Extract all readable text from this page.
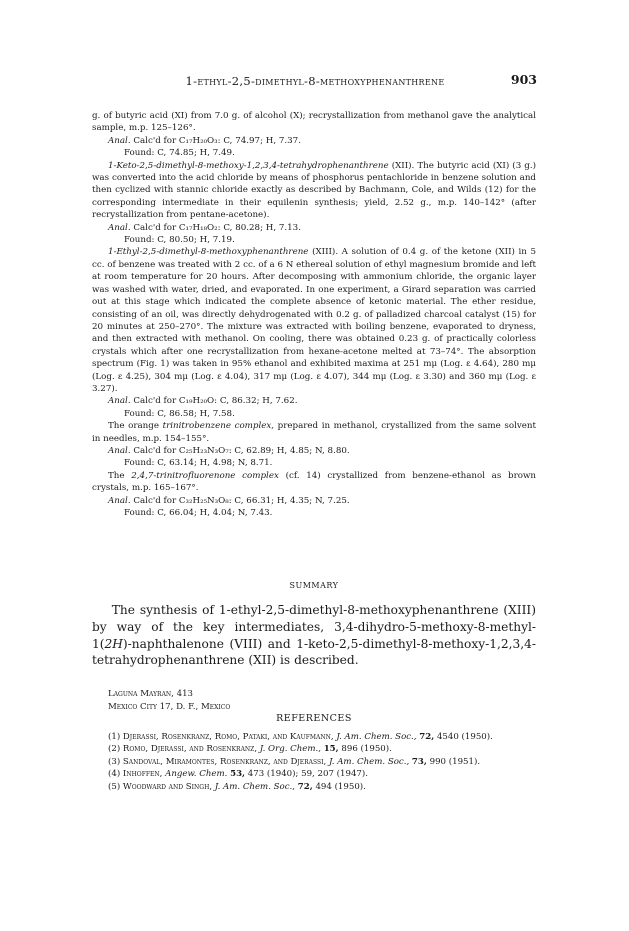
1-ethyl-2,5-dimethyl-8-methoxyphenanthrene	903

g. of butyric acid (XI) from 7.0 g. of alcohol (X); recrystallization from methanol gave the analytical sample, m.p. 125–126°.

Anal. Calc'd for C₁₇H₂₀O₃: C, 74.97; H, 7.37.

Found: C, 74.85; H, 7.49.

1-Keto-2,5-dimethyl-8-methoxy-1,2,3,4-tetrahydrophenanthrene (XII). The butyric acid (XI) (3 g.) was converted into the acid chloride by means of phosphorus pentachloride in benzene solution and then cyclized with stannic chloride exactly as described by Bachmann, Cole, and Wilds (12) for the corresponding intermediate in their equilenin synthesis; yield, 2.52 g., m.p. 140–142° (after recrystallization from pentane-acetone).

Anal. Calc'd for C₁₇H₁₈O₂: C, 80.28; H, 7.13.

Found: C, 80.50; H, 7.19.

1-Ethyl-2,5-dimethyl-8-methoxyphenanthrene (XIII). A solution of 0.4 g. of the ketone (XII) in 5 cc. of benzene was treated with 2 cc. of a 6 N ethereal solution of ethyl magnesium bromide and left at room temperature for 20 hours. After decomposing with ammonium chloride, the organic layer was washed with water, dried, and evaporated. In one experiment, a Girard separation was carried out at this stage which indicated the complete absence of ketonic material. The ether residue, consisting of an oil, was directly dehydrogenated with 0.2 g. of palladized charcoal catalyst (15) for 20 minutes at 250–270°. The mixture was extracted with boiling benzene, evaporated to dryness, and then extracted with methanol. On cooling, there was obtained 0.23 g. of practically colorless crystals which after one recrystallization from hexane-acetone melted at 73–74°. The absorption spectrum (Fig. 1) was taken in 95% ethanol and exhibited maxima at 251 mμ (Log. ε 4.64), 280 mμ (Log. ε 4.25), 304 mμ (Log. ε 4.04), 317 mμ (Log. ε 4.07), 344 mμ (Log. ε 3.30) and 360 mμ (Log. ε 3.27).

Anal. Calc'd for C₁₉H₂₀O: C, 86.32; H, 7.62.

Found: C, 86.58; H, 7.58.

The orange trinitrobenzene complex, prepared in methanol, crystallized from the same solvent in needles, m.p. 154–155°.

Anal. Calc'd for C₂₅H₂₃N₃O₇: C, 62.89; H, 4.85; N, 8.80.

Found: C, 63.14; H, 4.98; N, 8.71.

The 2,4,7-trinitrofluorenone complex (cf. 14) crystallized from benzene-ethanol as brown crystals, m.p. 165–167°.

Anal. Calc'd for C₃₂H₂₅N₃O₈: C, 66.31; H, 4.35; N, 7.25.

Found: C, 66.04; H, 4.04; N, 7.43.

SUMMARY
The synthesis of 1-ethyl-2,5-dimethyl-8-methoxyphenanthrene (XIII) by way of the key intermediates, 3,4-dihydro-5-methoxy-8-methyl-1(2H)-naphthalenone (VIII) and 1-keto-2,5-dimethyl-8-methoxy-1,2,3,4-tetrahydrophenanthrene (XII) is described.
Laguna Mayran, 413
Mexico City 17, D. F., Mexico
REFERENCES

(1) Djerassi, Rosenkranz, Romo, Pataki, and Kaufmann, J. Am. Chem. Soc., 72, 4540 (1950).

(2) Romo, Djerassi, and Rosenkranz, J. Org. Chem., 15, 896 (1950).

(3) Sandoval, Miramontes, Rosenkranz, and Djerassi, J. Am. Chem. Soc., 73, 990 (1951).

(4) Inhoffen, Angew. Chem. 53, 473 (1940); 59, 207 (1947).

(5) Woodward and Singh, J. Am. Chem. Soc., 72, 494 (1950).
